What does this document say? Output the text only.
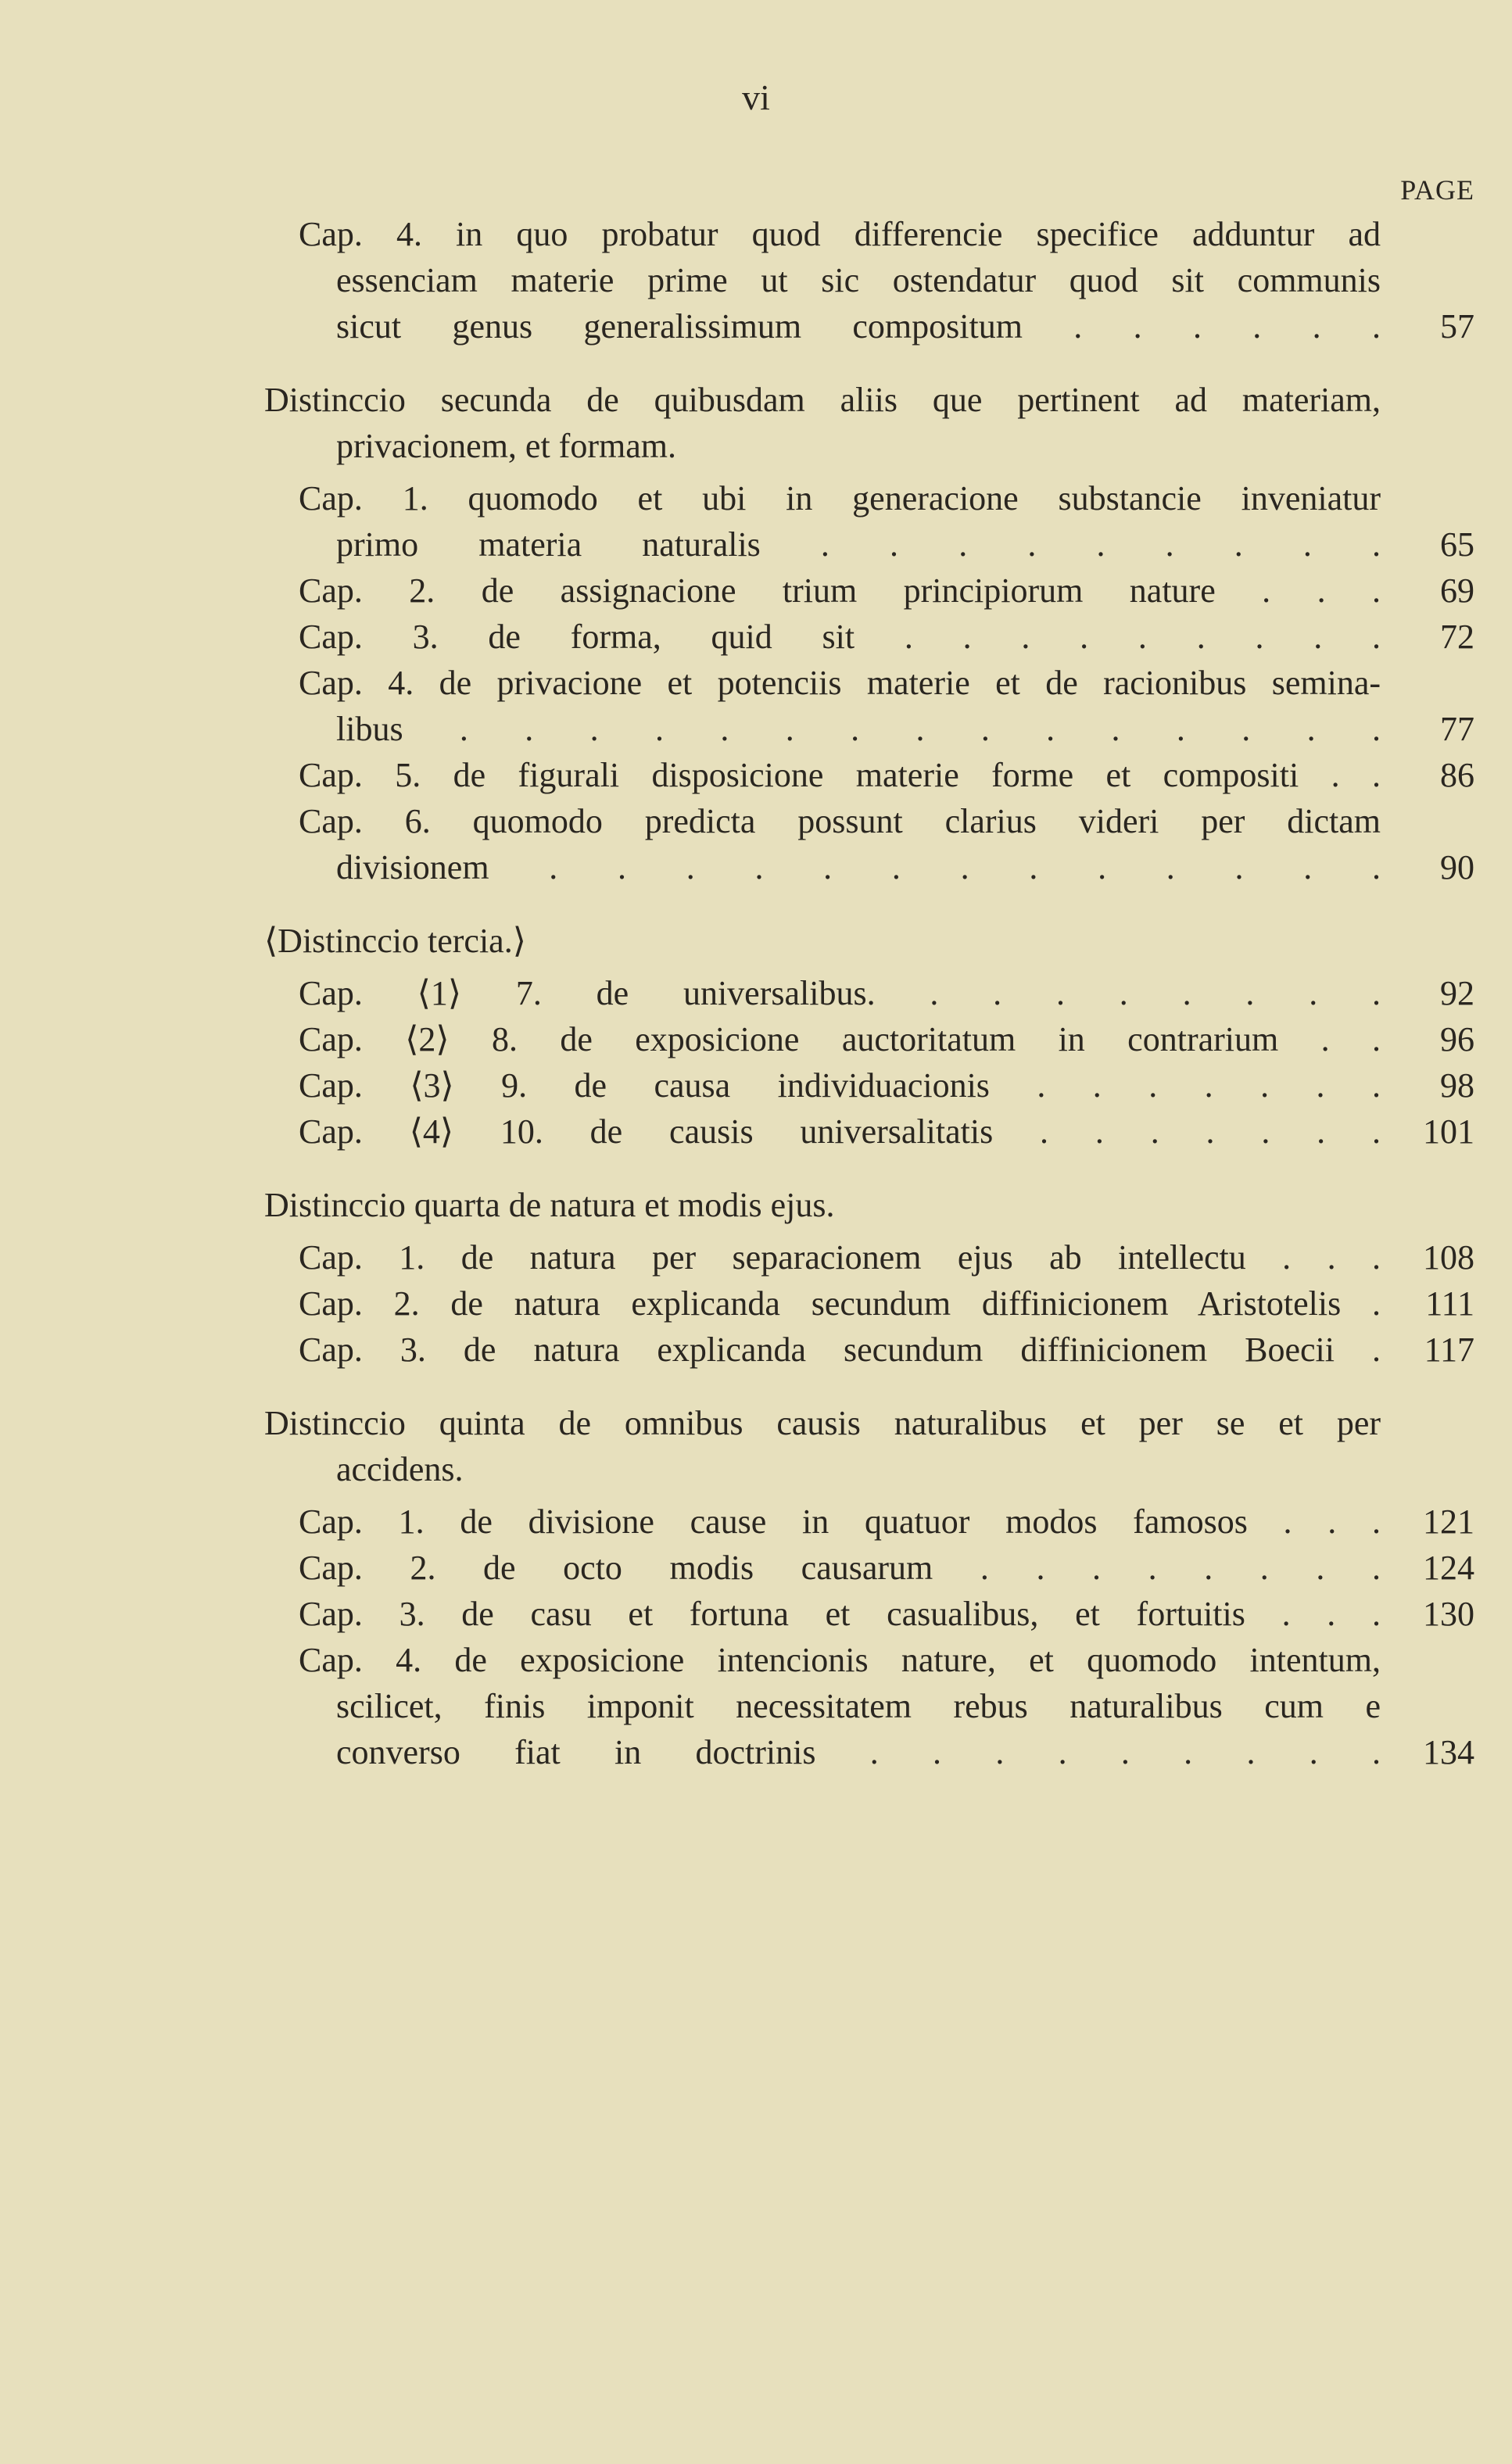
vi
PAGE
Cap. 4. in quo probatur quod differencie specifice adduntur ad
essenciam materie prime ut sic ostendatur quod sit communis
sicut genus generalissimum compositum . . . . . . 57
Distinccio secunda de quibusdam aliis que pertinent ad materiam,
privacionem, et formam.
Cap. 1. quomodo et ubi in generacione substancie inveniatur
primo materia naturalis . . . . . . . . . 65
Cap. 2. de assignacione trium principiorum nature . . . 69
Cap. 3. de forma, quid sit . . . . . . . . . 72
Cap. 4. de privacione et potenciis materie et de racionibus semina-
libus . . . . . . . . . . . . . . . 77
Cap. 5. de figurali disposicione materie forme et compositi . . 86
Cap. 6. quomodo predicta possunt clarius videri per dictam
divisionem . . . . . . . . . . . . . 90
⟨Distinccio tercia.⟩
Cap. ⟨1⟩ 7. de universalibus. . . . . . . . . 92
Cap. ⟨2⟩ 8. de exposicione auctoritatum in contrarium . . 96
Cap. ⟨3⟩ 9. de causa individuacionis . . . . . . . 98
Cap. ⟨4⟩ 10. de causis universalitatis . . . . . . . 101
Distinccio quarta de natura et modis ejus.
Cap. 1. de natura per separacionem ejus ab intellectu . . . 108
Cap. 2. de natura explicanda secundum diffinicionem Aristotelis . 111
Cap. 3. de natura explicanda secundum diffinicionem Boecii . 117
Distinccio quinta de omnibus causis naturalibus et per se et per
accidens.
Cap. 1. de divisione cause in quatuor modos famosos . . . 121
Cap. 2. de octo modis causarum . . . . . . . . 124
Cap. 3. de casu et fortuna et casualibus, et fortuitis . . . 130
Cap. 4. de exposicione intencionis nature, et quomodo intentum,
scilicet, finis imponit necessitatem rebus naturalibus cum e
converso fiat in doctrinis . . . . . . . . . 134
